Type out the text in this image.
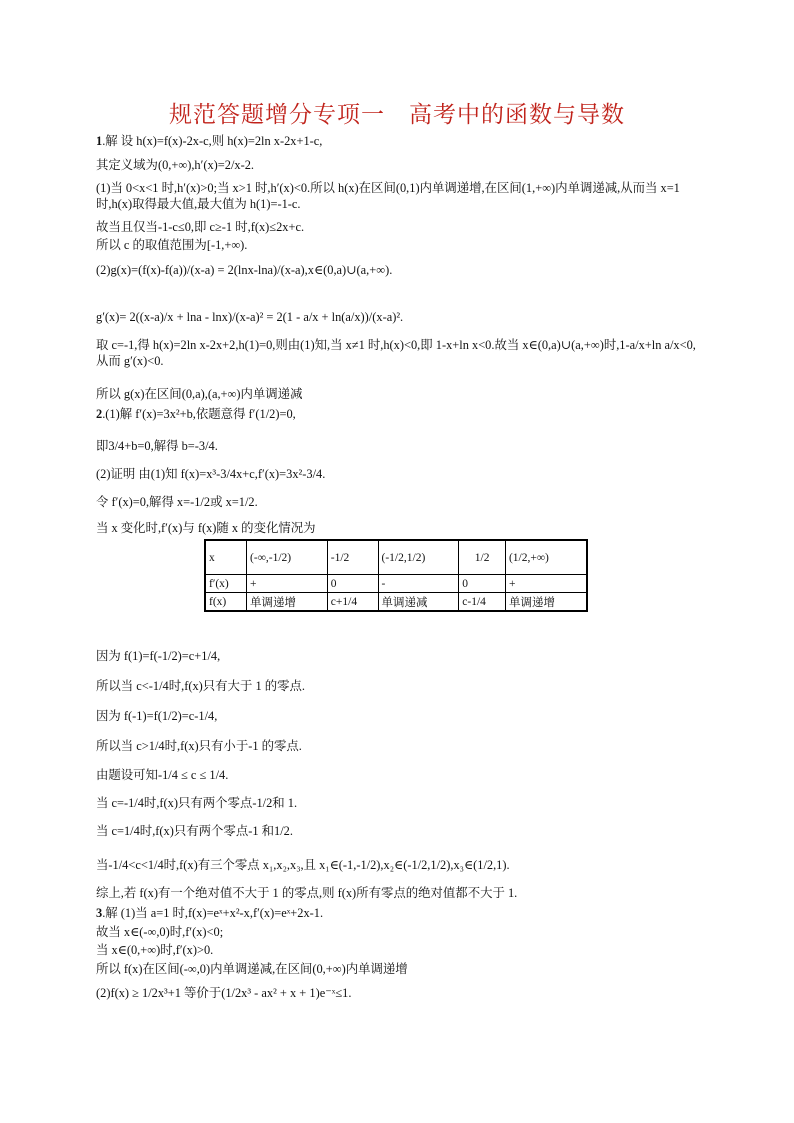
规范答题增分专项一　高考中的函数与导数
1.解 设 h(x)=f(x)-2x-c,则 h(x)=2ln x-2x+1-c,
其定义域为(0,+∞),h′(x)=2/x-2.
(1)当 0<x<1 时,h′(x)>0;当 x>1 时,h′(x)<0.所以 h(x)在区间(0,1)内单调递增,在区间(1,+∞)内单调递减,从而当 x=1 时,h(x)取得最大值,最大值为 h(1)=-1-c.
故当且仅当-1-c≤0,即 c≥-1 时,f(x)≤2x+c.
所以 c 的取值范围为[-1,+∞).
(2)g(x)=(f(x)-f(a))/(x-a) = 2(lnx-lna)/(x-a),x∈(0,a)∪(a,+∞).
g′(x)= 2((x-a)/x + lna - lnx)/(x-a)² = 2(1 - a/x + ln(a/x))/(x-a)².
取 c=-1,得 h(x)=2ln x-2x+2,h(1)=0,则由(1)知,当 x≠1 时,h(x)<0,即 1-x+ln x<0.故当 x∈(0,a)∪(a,+∞)时,1-a/x+ln a/x<0,从而 g′(x)<0.
所以 g(x)在区间(0,a),(a,+∞)内单调递减
2.(1)解 f′(x)=3x²+b,依题意得 f′(1/2)=0,
即3/4+b=0,解得 b=-3/4.
(2)证明 由(1)知 f(x)=x³-3/4x+c,f′(x)=3x²-3/4.
令 f′(x)=0,解得 x=-1/2或 x=1/2.
当 x 变化时,f′(x)与 f(x)随 x 的变化情况为
x	(-∞,-1/2)	-1/2	(-1/2,1/2)	1/2	(1/2,+∞)
f′(x)	+	0	-	0	+
f(x)	单调递增	c+1/4	单调递减	c-1/4	单调递增
因为 f(1)=f(-1/2)=c+1/4,
所以当 c<-1/4时,f(x)只有大于 1 的零点.
因为 f(-1)=f(1/2)=c-1/4,
所以当 c>1/4时,f(x)只有小于-1 的零点.
由题设可知-1/4 ≤ c ≤ 1/4.
当 c=-1/4时,f(x)只有两个零点-1/2和 1.
当 c=1/4时,f(x)只有两个零点-1 和1/2.
当-1/4<c<1/4时,f(x)有三个零点 x₁,x₂,x₃,且 x₁∈(-1,-1/2),x₂∈(-1/2,1/2),x₃∈(1/2,1).
综上,若 f(x)有一个绝对值不大于 1 的零点,则 f(x)所有零点的绝对值都不大于 1.
3.解 (1)当 a=1 时,f(x)=eˣ+x²-x,f′(x)=eˣ+2x-1.
故当 x∈(-∞,0)时,f′(x)<0;
当 x∈(0,+∞)时,f′(x)>0.
所以 f(x)在区间(-∞,0)内单调递减,在区间(0,+∞)内单调递增
(2)f(x) ≥ 1/2x³+1 等价于(1/2x³ - ax² + x + 1)e⁻ˣ≤1.
